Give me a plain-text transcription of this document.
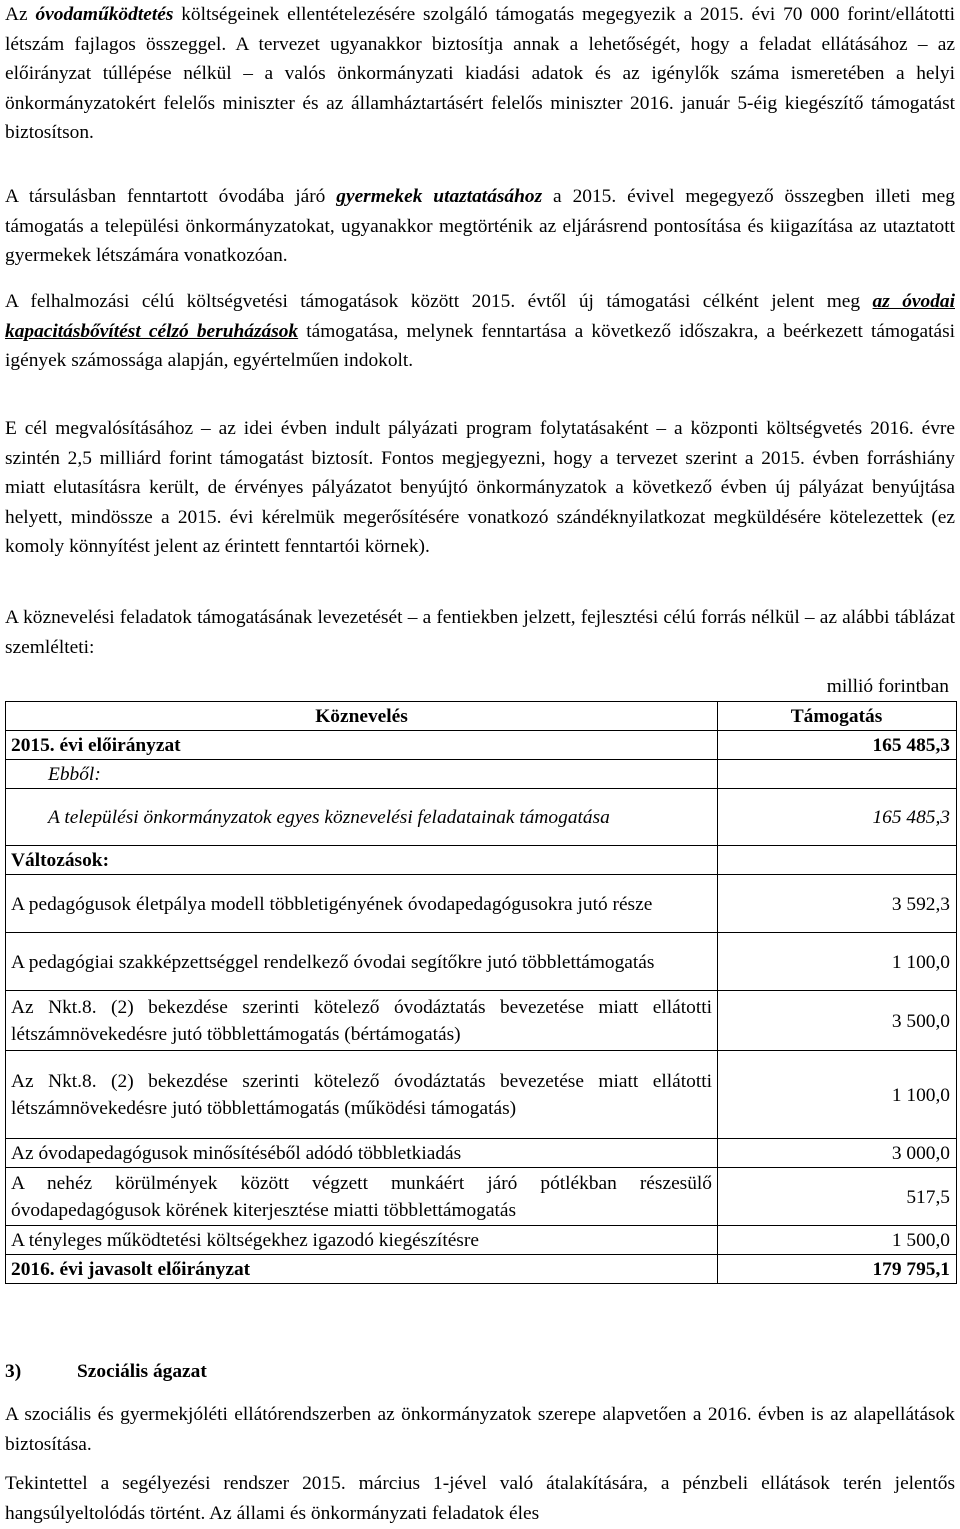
Az óvodaműködtetés költségeinek ellentételezésére szolgáló támogatás megegyezik a 2015. évi 70 000 forint/ellátotti létszám fajlagos összeggel. A tervezet ugyanakkor biztosítja annak a lehetőségét, hogy a feladat ellátásához – az előirányzat túllépése nélkül – a valós önkormányzati kiadási adatok és az igénylők száma ismeretében a helyi önkormányzatokért felelős miniszter és az államháztartásért felelős miniszter 2016. január 5-éig kiegészítő támogatást biztosítson.

A társulásban fenntartott óvodába járó gyermekek utaztatásához a 2015. évivel megegyező összegben illeti meg támogatás a települési önkormányzatokat, ugyanakkor megtörténik az eljárásrend pontosítása és kiigazítása az utaztatott gyermekek létszámára vonatkozóan.

A felhalmozási célú költségvetési támogatások között 2015. évtől új támogatási célként jelent meg az óvodai kapacitásbővítést célzó beruházások támogatása, melynek fenntartása a következő időszakra, a beérkezett támogatási igények számossága alapján, egyértelműen indokolt.

E cél megvalósításához – az idei évben indult pályázati program folytatásaként – a központi költségvetés 2016. évre szintén 2,5 milliárd forint támogatást biztosít. Fontos megjegyezni, hogy a tervezet szerint a 2015. évben forráshiány miatt elutasításra került, de érvényes pályázatot benyújtó önkormányzatok a következő évben új pályázat benyújtása helyett, mindössze a 2015. évi kérelmük megerősítésére vonatkozó szándéknyilatkozat megküldésére kötelezettek (ez komoly könnyítést jelent az érintett fenntartói körnek).

A köznevelési feladatok támogatásának levezetését – a fentiekben jelzett, fejlesztési célú forrás nélkül – az alábbi táblázat szemlélteti:

millió forintban
Köznevelés	Támogatás
2015. évi előirányzat	165 485,3
Ebből:	
A települési önkormányzatok egyes köznevelési feladatainak támogatása	165 485,3
Változások:	
A pedagógusok életpálya modell többletigényének óvodapedagógusokra jutó része	3 592,3
A pedagógiai szakképzettséggel rendelkező óvodai segítőkre jutó többlettámogatás	1 100,0
Az Nkt.8. (2) bekezdése szerinti kötelező óvodáztatás bevezetése miatt ellátotti létszámnövekedésre jutó többlettámogatás (bértámogatás)	3 500,0
Az Nkt.8. (2) bekezdése szerinti kötelező óvodáztatás bevezetése miatt ellátotti létszámnövekedésre jutó többlettámogatás (működési támogatás)	1 100,0
Az óvodapedagógusok minősítéséből adódó többletkiadás	3 000,0
A nehéz körülmények között végzett munkáért járó pótlékban részesülő óvodapedagógusok körének kiterjesztése miatti többlettámogatás	517,5
A tényleges működtetési költségekhez igazodó kiegészítésre	1 500,0
2016. évi javasolt előirányzat	179 795,1
3)	Szociális ágazat

A szociális és gyermekjóléti ellátórendszerben az önkormányzatok szerepe alapvetően a 2016. évben is az alapellátások biztosítása.

Tekintettel a segélyezési rendszer 2015. március 1-jével való átalakítására, a pénzbeli ellátások terén jelentős hangsúlyeltolódás történt. Az állami és önkormányzati feladatok éles
